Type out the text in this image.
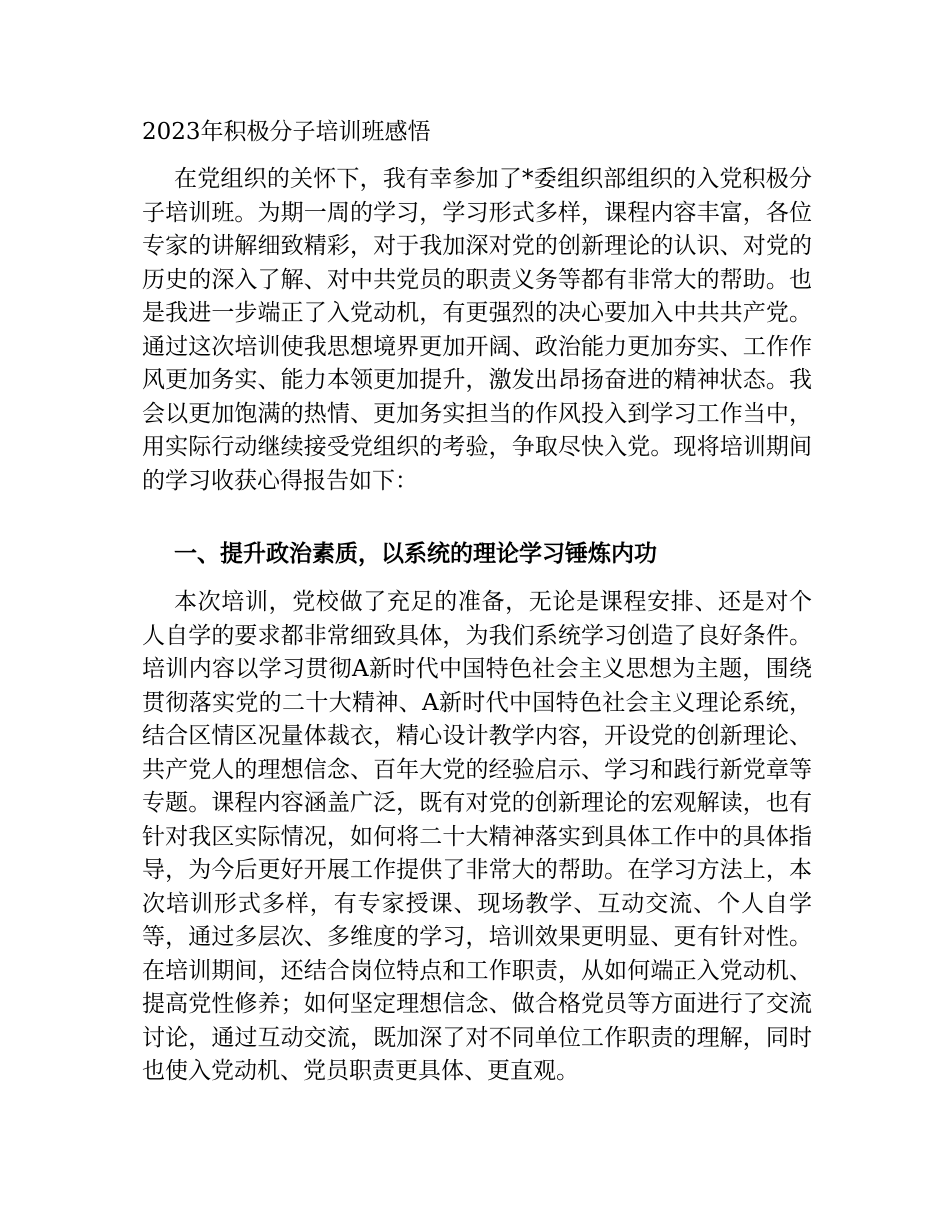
2023年积极分子培训班感悟

在党组织的关怀下，我有幸参加了*委组织部组织的入党积极分子培训班。为期一周的学习，学习形式多样，课程内容丰富，各位专家的讲解细致精彩，对于我加深对党的创新理论的认识、对党的历史的深入了解、对中共党员的职责义务等都有非常大的帮助。也是我进一步端正了入党动机，有更强烈的决心要加入中共共产党。通过这次培训使我思想境界更加开阔、政治能力更加夯实、工作作风更加务实、能力本领更加提升，激发出昂扬奋进的精神状态。我会以更加饱满的热情、更加务实担当的作风投入到学习工作当中，用实际行动继续接受党组织的考验，争取尽快入党。现将培训期间的学习收获心得报告如下：

一、提升政治素质，以系统的理论学习锤炼内功

本次培训，党校做了充足的准备，无论是课程安排、还是对个人自学的要求都非常细致具体，为我们系统学习创造了良好条件。培训内容以学习贯彻A新时代中国特色社会主义思想为主题，围绕贯彻落实党的二十大精神、A新时代中国特色社会主义理论系统，结合区情区况量体裁衣，精心设计教学内容，开设党的创新理论、共产党人的理想信念、百年大党的经验启示、学习和践行新党章等专题。课程内容涵盖广泛，既有对党的创新理论的宏观解读，也有针对我区实际情况，如何将二十大精神落实到具体工作中的具体指导，为今后更好开展工作提供了非常大的帮助。在学习方法上，本次培训形式多样，有专家授课、现场教学、互动交流、个人自学等，通过多层次、多维度的学习，培训效果更明显、更有针对性。在培训期间，还结合岗位特点和工作职责，从如何端正入党动机、提高党性修养；如何坚定理想信念、做合格党员等方面进行了交流讨论，通过互动交流，既加深了对不同单位工作职责的理解，同时也使入党动机、党员职责更具体、更直观。
